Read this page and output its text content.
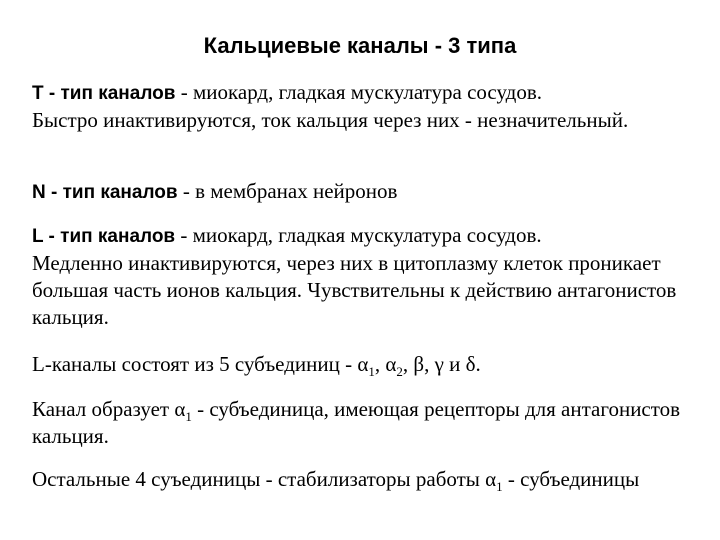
Кальциевые каналы - 3 типа
Т - тип каналов - миокард, гладкая мускулатура сосудов.
Быстро инактивируются, ток кальция через них - незначительный.
N - тип каналов - в мембранах нейронов
L - тип каналов - миокард, гладкая мускулатура сосудов.
Медленно инактивируются, через них в цитоплазму клеток проникает большая часть ионов кальция. Чувствительны к действию антагонистов кальция.
L-каналы состоят из 5 субъединиц - $\alpha_1$, $\alpha_2$, β, γ и δ.
Канал образует $\alpha_1$ - субъединица, имеющая рецепторы для антагонистов кальция.
Остальные 4 суъединицы - стабилизаторы работы $\alpha_1$ - субъединицы
